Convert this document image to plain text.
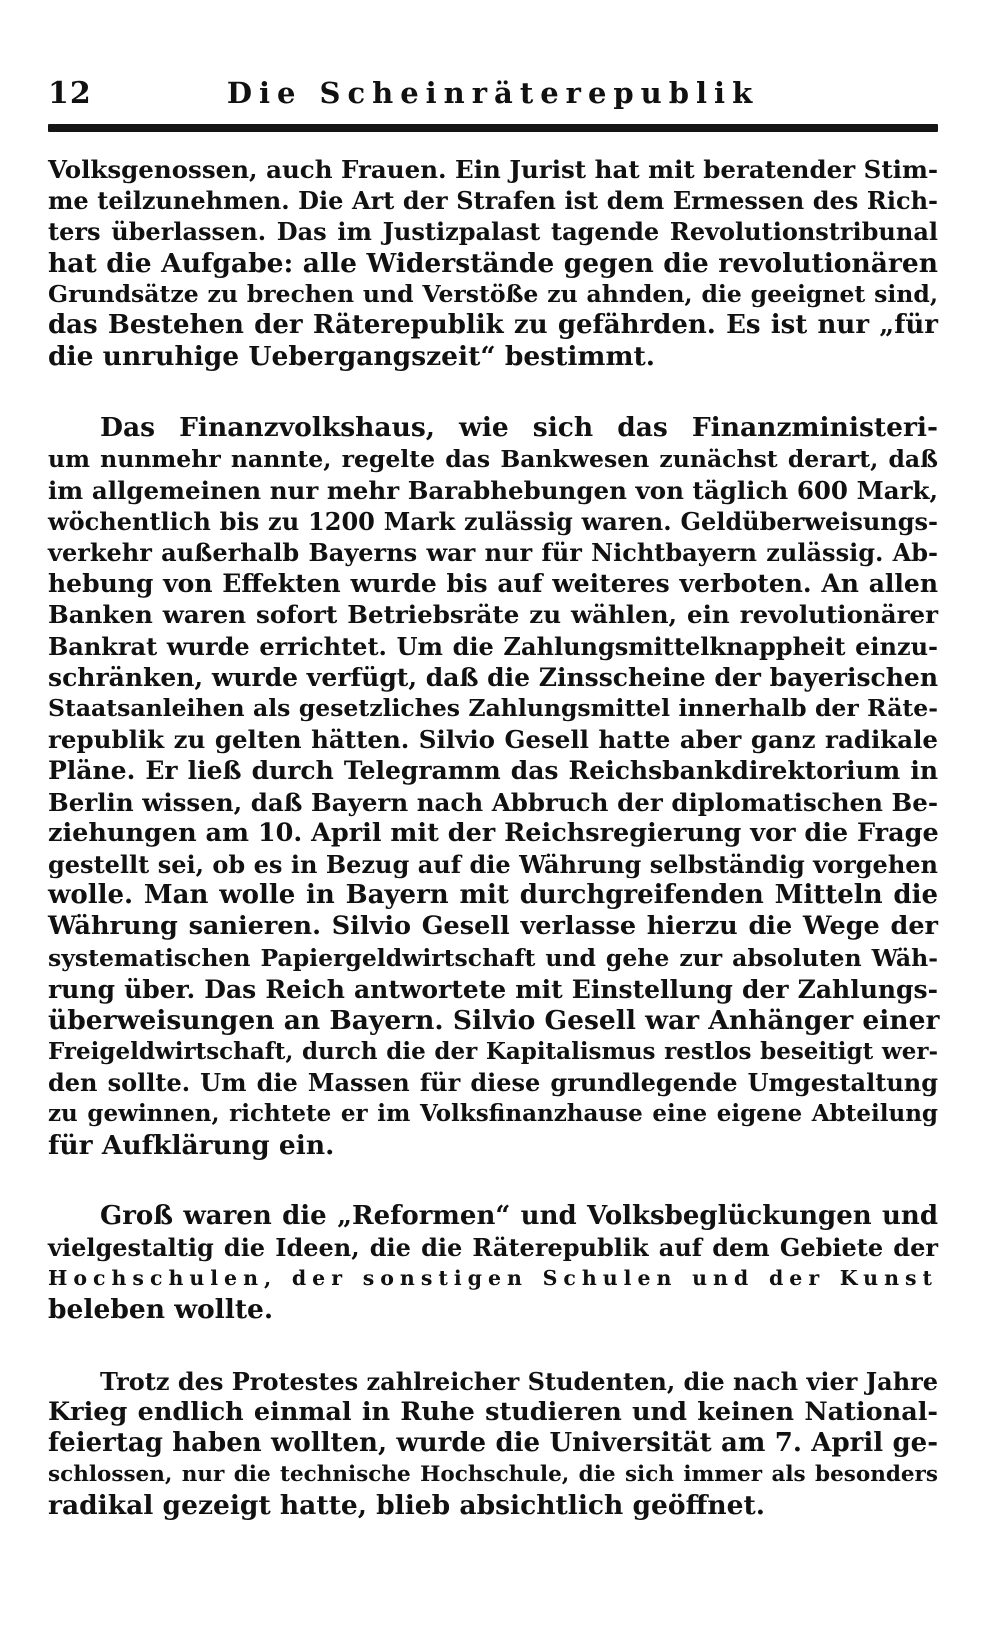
12	Die Scheinräterepublik
Volksgenossen, auch Frauen. Ein Jurist hat mit beratender Stim-
me teilzunehmen. Die Art der Strafen ist dem Ermessen des Rich-
ters überlassen. Das im Justizpalast tagende Revolutionstribunal
hat die Aufgabe: alle Widerstände gegen die revolutionären
Grundsätze zu brechen und Verstöße zu ahnden, die geeignet sind,
das Bestehen der Räterepublik zu gefährden. Es ist nur „für
die unruhige Uebergangszeit“ bestimmt.
Das Finanzvolkshaus, wie sich das Finanzministeri-
um nunmehr nannte, regelte das Bankwesen zunächst derart, daß
im allgemeinen nur mehr Barabhebungen von täglich 600 Mark,
wöchentlich bis zu 1200 Mark zulässig waren. Geldüberweisungs-
verkehr außerhalb Bayerns war nur für Nichtbayern zulässig. Ab-
hebung von Effekten wurde bis auf weiteres verboten. An allen
Banken waren sofort Betriebsräte zu wählen, ein revolutionärer
Bankrat wurde errichtet. Um die Zahlungsmittelknappheit einzu-
schränken, wurde verfügt, daß die Zinsscheine der bayerischen
Staatsanleihen als gesetzliches Zahlungsmittel innerhalb der Räte-
republik zu gelten hätten. Silvio Gesell hatte aber ganz radikale
Pläne. Er ließ durch Telegramm das Reichsbankdirektorium in
Berlin wissen, daß Bayern nach Abbruch der diplomatischen Be-
ziehungen am 10. April mit der Reichsregierung vor die Frage
gestellt sei, ob es in Bezug auf die Währung selbständig vorgehen
wolle. Man wolle in Bayern mit durchgreifenden Mitteln die
Währung sanieren. Silvio Gesell verlasse hierzu die Wege der
systematischen Papiergeldwirtschaft und gehe zur absoluten Wäh-
rung über. Das Reich antwortete mit Einstellung der Zahlungs-
überweisungen an Bayern. Silvio Gesell war Anhänger einer
Freigeldwirtschaft, durch die der Kapitalismus restlos beseitigt wer-
den sollte. Um die Massen für diese grundlegende Umgestaltung
zu gewinnen, richtete er im Volksfinanzhause eine eigene Abteilung
für Aufklärung ein.
Groß waren die „Reformen“ und Volksbeglückungen und
vielgestaltig die Ideen, die die Räterepublik auf dem Gebiete der
Hochschulen, der sonstigen Schulen und der Kunst
beleben wollte.
Trotz des Protestes zahlreicher Studenten, die nach vier Jahre
Krieg endlich einmal in Ruhe studieren und keinen National-
feiertag haben wollten, wurde die Universität am 7. April ge-
schlossen, nur die technische Hochschule, die sich immer als besonders
radikal gezeigt hatte, blieb absichtlich geöffnet.
